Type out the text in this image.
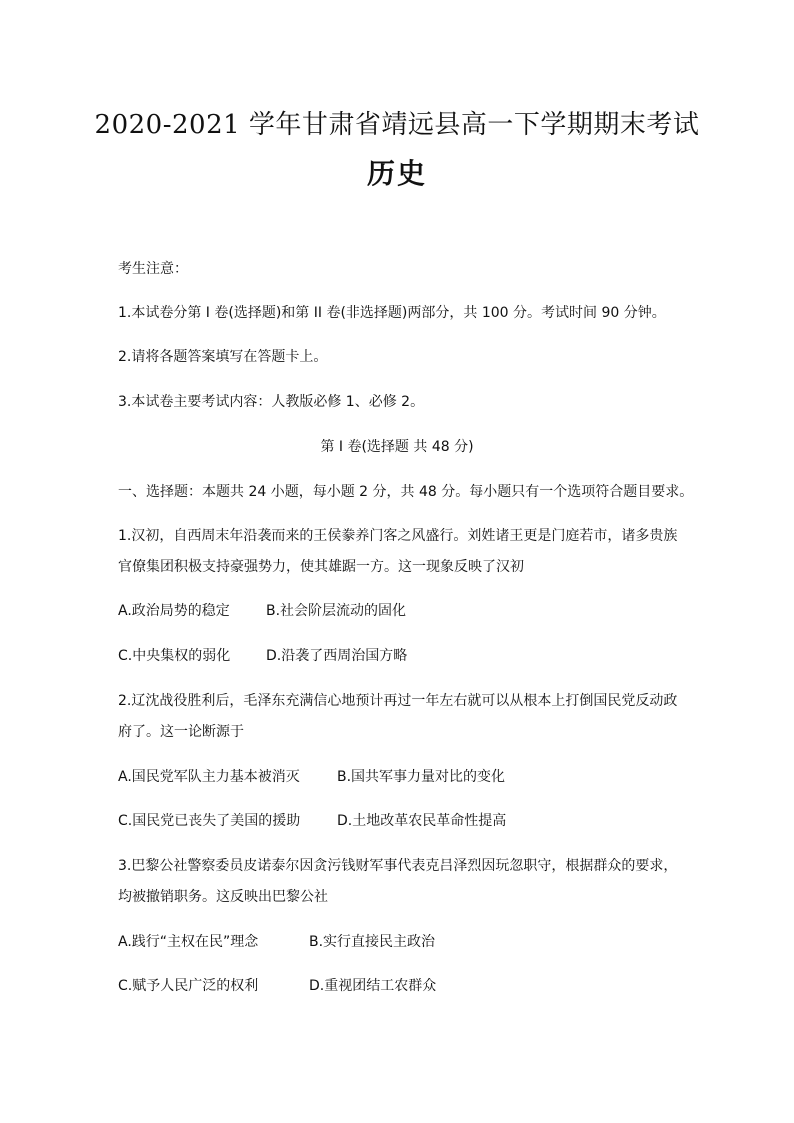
2020-2021 学年甘肃省靖远县高一下学期期末考试
历史
考生注意：
1.本试卷分第 I 卷(选择题)和第 II 卷(非选择题)两部分，共 100 分。考试时间 90 分钟。
2.请将各题答案填写在答题卡上。
3.本试卷主要考试内容：人教版必修 1、必修 2。
第 I 卷(选择题 共 48 分)
一、选择题：本题共 24 小题，每小题 2 分，共 48 分。每小题只有一个选项符合题目要求。
1.汉初，自西周末年沿袭而来的王侯豢养门客之风盛行。刘姓诸王更是门庭若市，诸多贵族
官僚集团积极支持豪强势力，使其雄踞一方。这一现象反映了汉初
A.政治局势的稳定	B.社会阶层流动的固化
C.中央集权的弱化	D.沿袭了西周治国方略
2.辽沈战役胜利后，毛泽东充满信心地预计再过一年左右就可以从根本上打倒国民党反动政
府了。这一论断源于
A.国民党军队主力基本被消灭	B.国共军事力量对比的变化
C.国民党已丧失了美国的援助	D.土地改革农民革命性提高
3.巴黎公社警察委员皮诺泰尔因贪污钱财军事代表克吕泽烈因玩忽职守，根据群众的要求，
均被撤销职务。这反映出巴黎公社
A.践行“主权在民”理念	B.实行直接民主政治
C.赋予人民广泛的权利	D.重视团结工农群众
